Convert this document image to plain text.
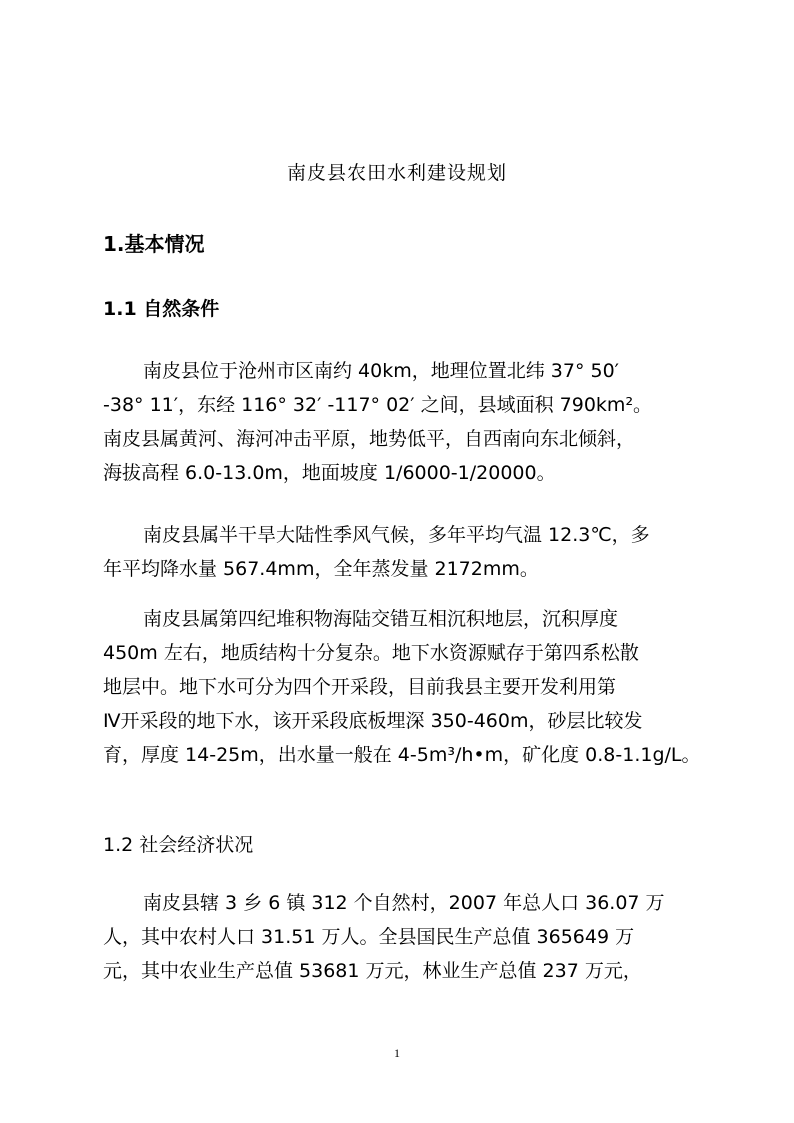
南皮县农田水利建设规划
1.基本情况
1.1 自然条件
南皮县位于沧州市区南约 40km，地理位置北纬 37° 50′
-38° 11′，东经 116° 32′ -117° 02′ 之间，县域面积 790km²。
南皮县属黄河、海河冲击平原，地势低平，自西南向东北倾斜，
海拔高程 6.0-13.0m，地面坡度 1/6000-1/20000。
南皮县属半干旱大陆性季风气候，多年平均气温 12.3℃，多
年平均降水量 567.4mm，全年蒸发量 2172mm。
南皮县属第四纪堆积物海陆交错互相沉积地层，沉积厚度
450m 左右，地质结构十分复杂。地下水资源赋存于第四系松散
地层中。地下水可分为四个开采段，目前我县主要开发利用第
Ⅳ开采段的地下水，该开采段底板埋深 350-460m，砂层比较发
育，厚度 14-25m，出水量一般在 4-5m³/h•m，矿化度 0.8-1.1g/L。
1.2 社会经济状况
南皮县辖 3 乡 6 镇 312 个自然村，2007 年总人口 36.07 万
人，其中农村人口 31.51 万人。全县国民生产总值 365649 万
元，其中农业生产总值 53681 万元，林业生产总值 237 万元，
1
